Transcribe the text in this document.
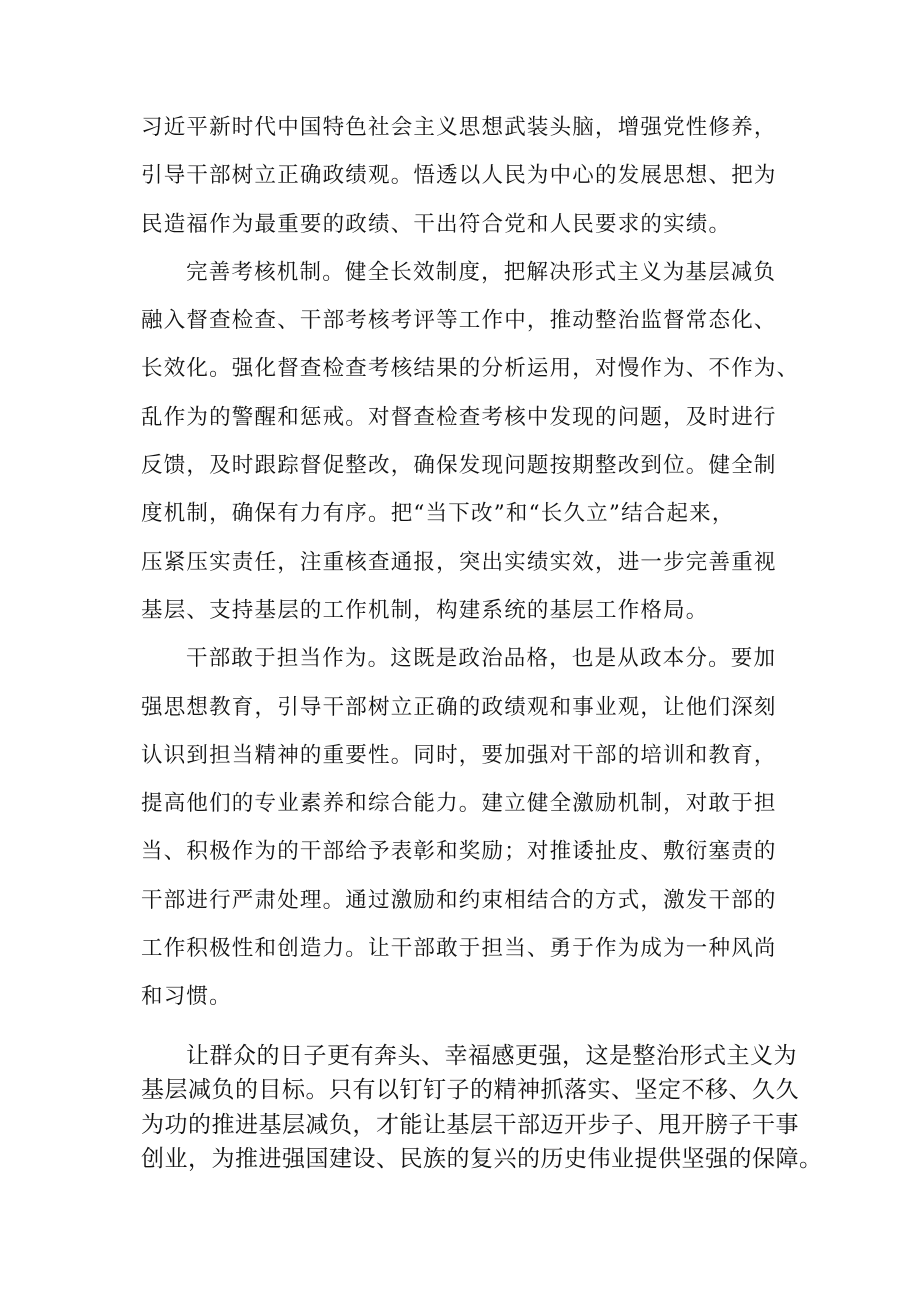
习近平新时代中国特色社会主义思想武装头脑，增强党性修养，

引导干部树立正确政绩观。悟透以人民为中心的发展思想、把为

民造福作为最重要的政绩、干出符合党和人民要求的实绩。

完善考核机制。健全长效制度，把解决形式主义为基层减负

融入督查检查、干部考核考评等工作中，推动整治监督常态化、

长效化。强化督查检查考核结果的分析运用，对慢作为、不作为、

乱作为的警醒和惩戒。对督查检查考核中发现的问题，及时进行

反馈，及时跟踪督促整改，确保发现问题按期整改到位。健全制

度机制，确保有力有序。把“当下改”和“长久立”结合起来，

压紧压实责任，注重核查通报，突出实绩实效，进一步完善重视

基层、支持基层的工作机制，构建系统的基层工作格局。

干部敢于担当作为。这既是政治品格，也是从政本分。要加

强思想教育，引导干部树立正确的政绩观和事业观，让他们深刻

认识到担当精神的重要性。同时，要加强对干部的培训和教育，

提高他们的专业素养和综合能力。建立健全激励机制，对敢于担

当、积极作为的干部给予表彰和奖励；对推诿扯皮、敷衍塞责的

干部进行严肃处理。通过激励和约束相结合的方式，激发干部的

工作积极性和创造力。让干部敢于担当、勇于作为成为一种风尚

和习惯。

让群众的日子更有奔头、幸福感更强，这是整治形式主义为

基层减负的目标。只有以钉钉子的精神抓落实、坚定不移、久久

为功的推进基层减负，才能让基层干部迈开步子、甩开膀子干事

创业，为推进强国建设、民族的复兴的历史伟业提供坚强的保障。
